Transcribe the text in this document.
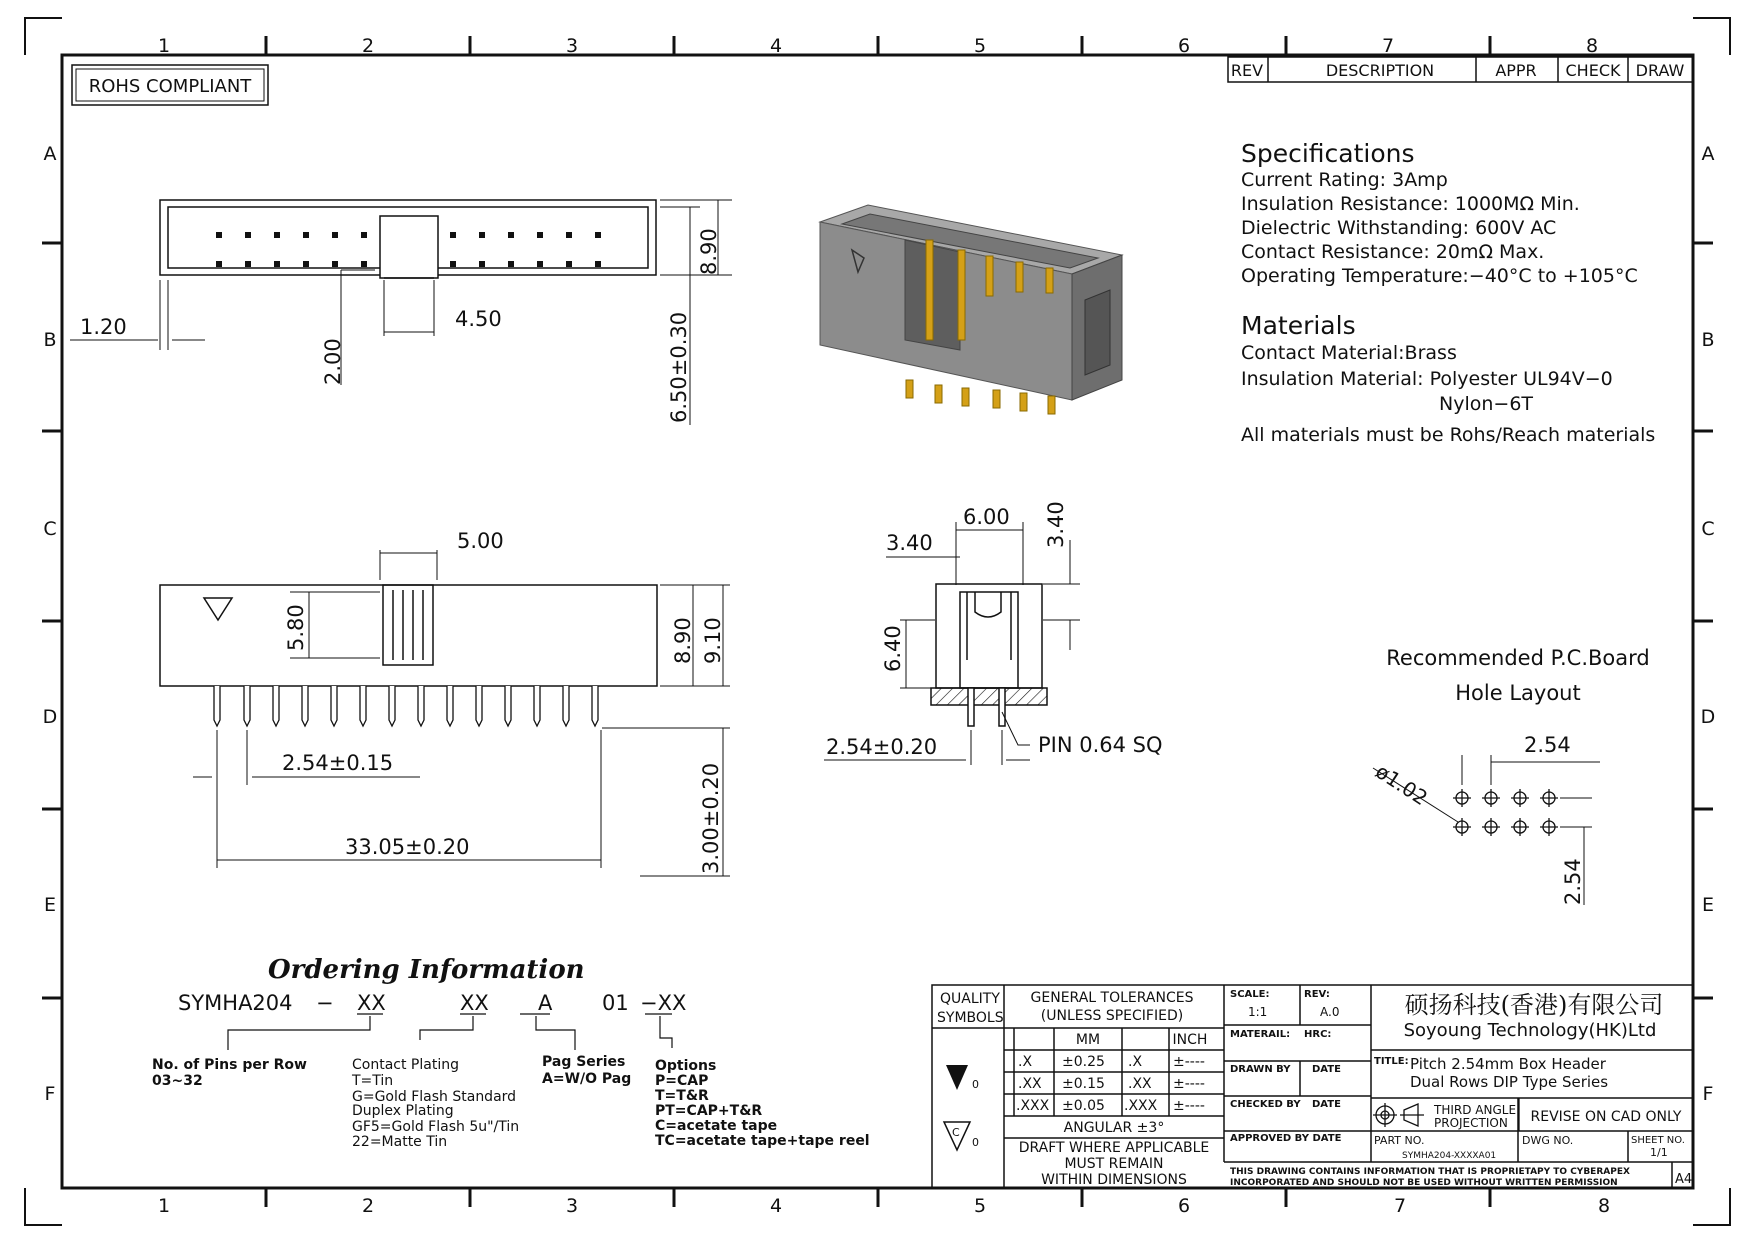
1	2	3	4	5	6	7	8
1	2	3	4	5	6	7	8
A
B
C
D
E
F
A
B
C
D
E
F
ROHS COMPLIANT
REV	DESCRIPTION	APPR CHECK DRAW
Specifications
Current Rating: 3Amp
Insulation Resistance: 1000MΩ Min.
Dielectric Withstanding: 600V AC
Contact Resistance: 20mΩ Max.
Operating Temperature:−40°C to +105°C
Materials
Contact Material:Brass
Insulation Material: Polyester UL94V−0
Nylon−6T
All materials must be Rohs/Reach materials
1.20	4.50
2.00
8.90
6.50±0.30
5.00
5.80	8.90 9.10
2.54±0.15
33.05±0.20	3.00±0.20
6.00
3.40	3.40
6.40
2.54±0.20	PIN 0.64 SQ
Recommended P.C.Board
Hole Layout
ø1.02
2.54
2.54
Ordering Information
SYMHA204 − XX	XX A 01 −XX
No. of Pins per Row
03~32
Contact Plating
T=Tin
G=Gold Flash Standard
Duplex Plating
GF5=Gold Flash 5u"/Tin
22=Matte Tin
Pag Series
A=W/O Pag
Options
P=CAP
T=T&R
PT=CAP+T&R
C=acetate tape
TC=acetate tape+tape reel
C
QUALITY
SYMBOLS
0
0
GENERAL TOLERANCES
(UNLESS SPECIFIED)
MM	INCH
.X ±0.25 .X ±----
.XX ±0.15 .XX ±----
.XXX ±0.05 .XXX ±----
ANGULAR ±3°
DRAFT WHERE APPLICABLE
MUST REMAIN
WITHIN DIMENSIONS
SCALE:
1:1
REV:
A.0
MATERAIL: HRC:
DRAWN BY DATE
CHECKED BY DATE
APPROVED BY DATE
TITLE:
PART NO.
SYMHA204-XXXXA01
DWG NO.	SHEET NO.
1/1
THIS DRAWING CONTAINS INFORMATION THAT IS PROPRIETAPY TO CYBERAPEX
INCORPORATED AND SHOULD NOT BE USED WITHOUT WRITTEN PERMISSION	A4
硕扬科技(香港)有限公司
Soyoung Technology(HK)Ltd
Pitch 2.54mm Box Header
Dual Rows DIP Type Series
THIRD ANGLE
PROJECTION REVISE ON CAD ONLY
